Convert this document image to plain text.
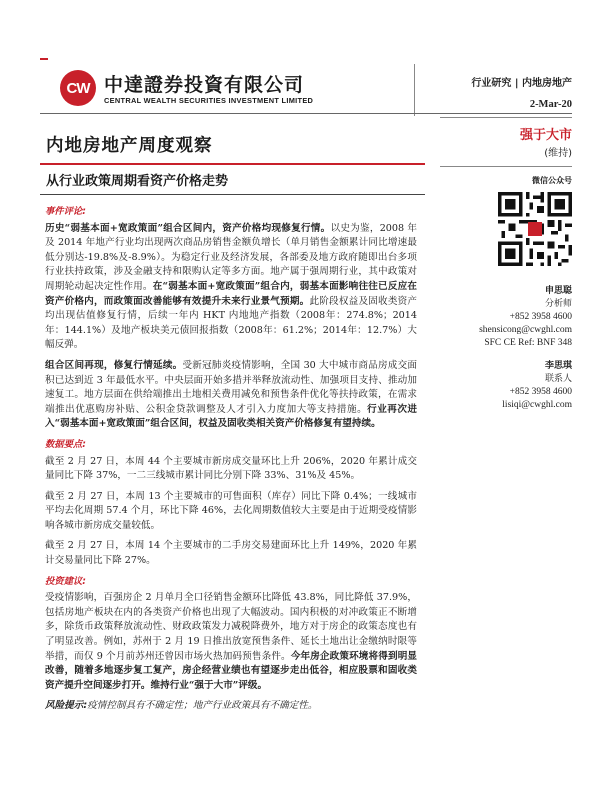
CW 中達證券投資有限公司
CENTRAL WEALTH SECURITIES INVESTMENT LIMITED
行业研究 | 内地房地产
2-Mar-20
内地房地产周度观察
从行业政策周期看资产价格走势
事件评论:

历史“弱基本面+宽政策面”组合区间内，资产价格均现修复行情。以史为鉴，2008 年及 2014 年地产行业均出现两次商品房销售金额负增长（单月销售金额累计同比增速最低分别达-19.8%及-8.9%）。为稳定行业及经济发展，各部委及地方政府随即出台多项行业扶持政策，涉及金融支持和限购认定等多方面。地产属于强周期行业，其中政策对周期轮动起决定性作用。在“弱基本面+宽政策面”组合内，弱基本面影响往往已反应在资产价格内，而政策面改善能够有效提升未来行业景气预期。此阶段权益及固收类资产均出现估值修复行情，后续一年内 HKT 内地地产指数（2008年：274.8%；2014年：144.1%）及地产板块美元债回报指数（2008年：61.2%；2014年：12.7%）大幅反弹。

组合区间再现，修复行情延续。受新冠肺炎疫情影响，全国 30 大中城市商品房成交面积已达到近 3 年最低水平。中央层面开始多措并举释放流动性、加强项目支持、推动加速复工。地方层面在供给端推出土地相关费用减免和预售条件优化等扶持政策，在需求端推出优惠购房补贴、公积金贷款调整及人才引入力度加大等支持措施。行业再次进入“弱基本面+宽政策面”组合区间，权益及固收类相关资产价格修复有望持续。

数据要点:

截至 2 月 27 日，本周 44 个主要城市新房成交量环比上升 206%，2020 年累计成交量同比下降 37%，一二三线城市累计同比分别下降 33%、31%及 45%。

截至 2 月 27 日，本周 13 个主要城市的可售面积（库存）同比下降 0.4%；一线城市平均去化周期 57.4 个月，环比下降 46%，去化周期数值较大主要是由于近期受疫情影响各城市新房成交量较低。

截至 2 月 27 日，本周 14 个主要城市的二手房交易建面环比上升 149%，2020 年累计交易量同比下降 27%。

投资建议:

受疫情影响，百强房企 2 月单月全口径销售金额环比降低 43.8%，同比降低 37.9%，包括房地产板块在内的各类资产价格也出现了大幅波动。国内积极的对冲政策正不断增多，除货币政策释放流动性、财政政策发力减税降费外，地方对于房企的政策态度也有了明显改善。例如，苏州于 2 月 19 日推出放宽预售条件、延长土地出让金缴纳时限等举措，而仅 9 个月前苏州还曾因市场火热加码预售条件。今年房企政策环境将得到明显改善，随着多地逐步复工复产，房企经营业绩也有望逐步走出低谷，相应股票和固收类资产提升空间逐步打开。维持行业“强于大市”评级。

风险提示:疫情控制具有不确定性；地产行业政策具有不确定性。

强于大市
(维持)
微信公众号
申思聪
分析师
+852 3958 4600
shensicong@cwghl.com
SFC CE Ref: BNF 348
李思琪
联系人
+852 3958 4600
lisiqi@cwghl.com
